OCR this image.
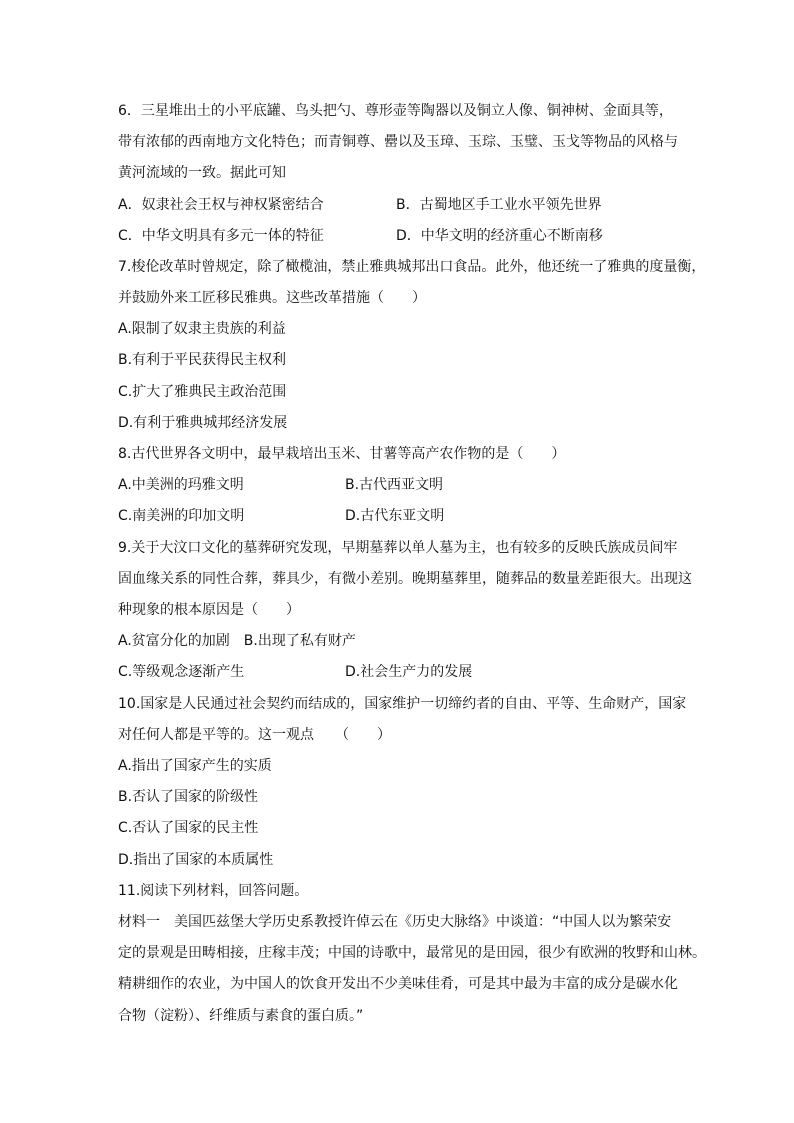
6．三星堆出土的小平底罐、鸟头把勺、尊形壶等陶器以及铜立人像、铜神树、金面具等，
带有浓郁的西南地方文化特色；而青铜尊、罍以及玉璋、玉琮、玉璧、玉戈等物品的风格与
黄河流域的一致。据此可知
A．奴隶社会王权与神权紧密结合	B．古蜀地区手工业水平领先世界
C．中华文明具有多元一体的特征	D．中华文明的经济重心不断南移
7.梭伦改革时曾规定，除了橄榄油，禁止雅典城邦出口食品。此外，他还统一了雅典的度量衡，
并鼓励外来工匠移民雅典。这些改革措施（　　）
A.限制了奴隶主贵族的利益
B.有利于平民获得民主权利
C.扩大了雅典民主政治范围
D.有利于雅典城邦经济发展
8.古代世界各文明中，最早栽培出玉米、甘薯等高产农作物的是（　　）
A.中美洲的玛雅文明	B.古代西亚文明
C.南美洲的印加文明	D.古代东亚文明
9.关于大汶口文化的墓葬研究发现，早期墓葬以单人墓为主，也有较多的反映氏族成员间牢
固血缘关系的同性合葬，葬具少，有微小差别。晚期墓葬里，随葬品的数量差距很大。出现这
种现象的根本原因是（　　）
A.贫富分化的加剧　B.出现了私有财产
C.等级观念逐渐产生	D.社会生产力的发展
10.国家是人民通过社会契约而结成的，国家维护一切缔约者的自由、平等、生命财产，国家
对任何人都是平等的。这一观点　　（　　）
A.指出了国家产生的实质
B.否认了国家的阶级性
C.否认了国家的民主性
D.指出了国家的本质属性
11.阅读下列材料，回答问题。
材料一　美国匹兹堡大学历史系教授许倬云在《历史大脉络》中谈道：“中国人以为繁荣安
定的景观是田畴相接，庄稼丰茂；中国的诗歌中，最常见的是田园，很少有欧洲的牧野和山林。
精耕细作的农业，为中国人的饮食开发出不少美味佳肴，可是其中最为丰富的成分是碳水化
合物（淀粉）、纤维质与素食的蛋白质。”
